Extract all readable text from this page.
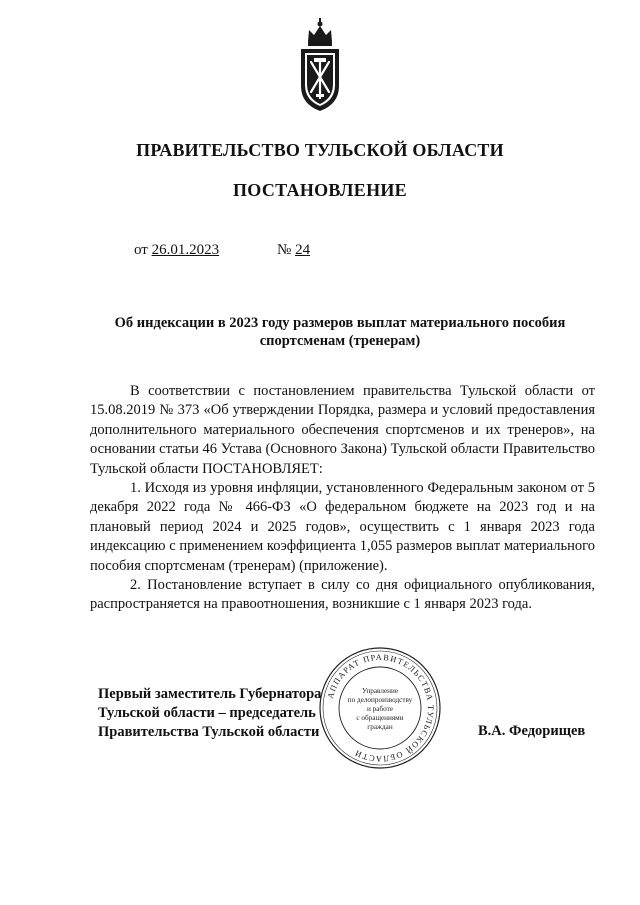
ПРАВИТЕЛЬСТВО ТУЛЬСКОЙ ОБЛАСТИ
ПОСТАНОВЛЕНИЕ
от 26.01.2023	№ 24
Об индексации в 2023 году размеров выплат материального пособия
спортсменам (тренерам)

В соответствии с постановлением правительства Тульской области от 15.08.2019 № 373 «Об утверждении Порядка, размера и условий предоставления дополнительного материального обеспечения спортсменов и их тренеров», на основании статьи 46 Устава (Основного Закона) Тульской области Правительство Тульской области ПОСТАНОВЛЯЕТ:

1. Исходя из уровня инфляции, установленного Федеральным законом от 5 декабря 2022 года № 466-ФЗ «О федеральном бюджете на 2023 год и на плановый период 2024 и 2025 годов», осуществить с 1 января 2023 года индексацию с применением коэффициента 1,055 размеров выплат материального пособия спортсменам (тренерам) (приложение).

2. Постановление вступает в силу со дня официального опубликования, распространяется на правоотношения, возникшие с 1 января 2023 года.

Первый заместитель Губернатора
Тульской области – председатель
Правительства Тульской области	В.А. Федорищев
АППАРАТ ПРАВИТЕЛЬСТВА ТУЛЬСКОЙ ОБЛАСТИ
Управление
по делопроизводству
и работе
с обращениями
граждан
